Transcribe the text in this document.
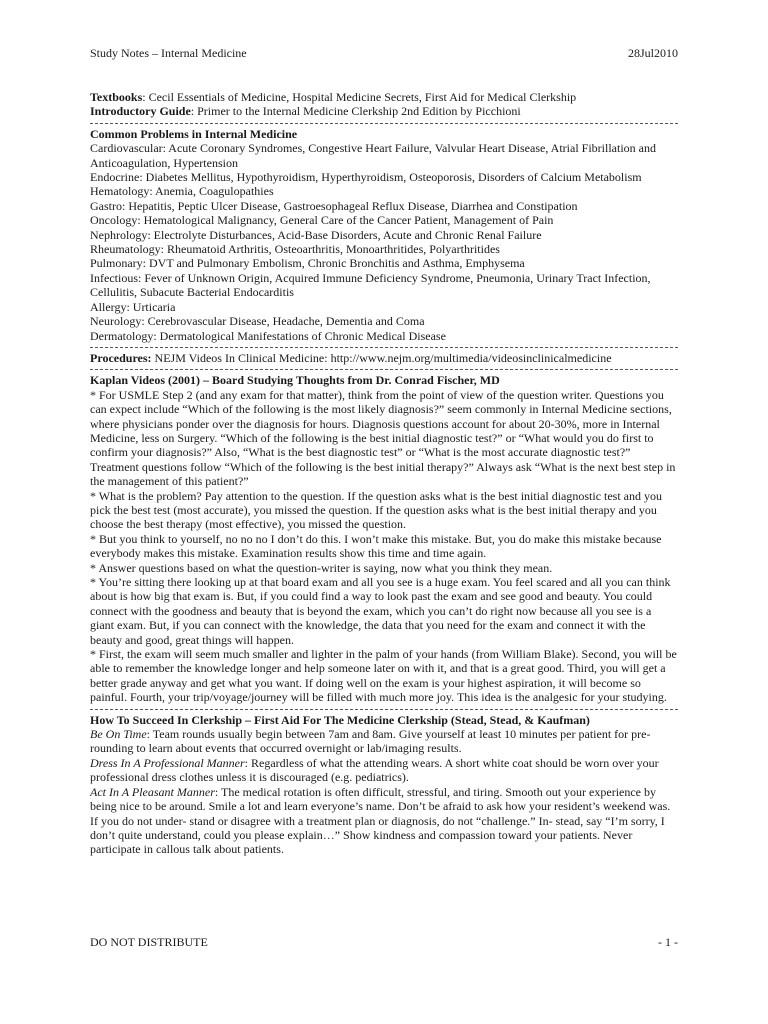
Study Notes – Internal Medicine	28Jul2010

Textbooks: Cecil Essentials of Medicine, Hospital Medicine Secrets, First Aid for Medical Clerkship

Introductory Guide: Primer to the Internal Medicine Clerkship 2nd Edition by Picchioni

Common Problems in Internal Medicine

Cardiovascular: Acute Coronary Syndromes, Congestive Heart Failure, Valvular Heart Disease, Atrial Fibrillation and Anticoagulation, Hypertension

Endocrine: Diabetes Mellitus, Hypothyroidism, Hyperthyroidism, Osteoporosis, Disorders of Calcium Metabolism

Hematology: Anemia, Coagulopathies

Gastro: Hepatitis, Peptic Ulcer Disease, Gastroesophageal Reflux Disease, Diarrhea and Constipation

Oncology: Hematological Malignancy, General Care of the Cancer Patient, Management of Pain

Nephrology: Electrolyte Disturbances, Acid-Base Disorders, Acute and Chronic Renal Failure

Rheumatology: Rheumatoid Arthritis, Osteoarthritis, Monoarthritides, Polyarthritides

Pulmonary: DVT and Pulmonary Embolism, Chronic Bronchitis and Asthma, Emphysema

Infectious: Fever of Unknown Origin, Acquired Immune Deficiency Syndrome, Pneumonia, Urinary Tract Infection, Cellulitis, Subacute Bacterial Endocarditis

Allergy: Urticaria

Neurology: Cerebrovascular Disease, Headache, Dementia and Coma

Dermatology: Dermatological Manifestations of Chronic Medical Disease

Procedures: NEJM Videos In Clinical Medicine: http://www.nejm.org/multimedia/videosinclinicalmedicine

Kaplan Videos (2001) – Board Studying Thoughts from Dr. Conrad Fischer, MD

* For USMLE Step 2 (and any exam for that matter), think from the point of view of the question writer. Questions you can expect include “Which of the following is the most likely diagnosis?” seem commonly in Internal Medicine sections, where physicians ponder over the diagnosis for hours. Diagnosis questions account for about 20-30%, more in Internal Medicine, less on Surgery. “Which of the following is the best initial diagnostic test?” or “What would you do first to confirm your diagnosis?” Also, “What is the best diagnostic test” or “What is the most accurate diagnostic test?” Treatment questions follow “Which of the following is the best initial therapy?” Always ask “What is the next best step in the management of this patient?”

* What is the problem? Pay attention to the question. If the question asks what is the best initial diagnostic test and you pick the best test (most accurate), you missed the question. If the question asks what is the best initial therapy and you choose the best therapy (most effective), you missed the question.

* But you think to yourself, no no no I don’t do this. I won’t make this mistake. But, you do make this mistake because everybody makes this mistake. Examination results show this time and time again.

* Answer questions based on what the question-writer is saying, now what you think they mean.

* You’re sitting there looking up at that board exam and all you see is a huge exam. You feel scared and all you can think about is how big that exam is. But, if you could find a way to look past the exam and see good and beauty. You could connect with the goodness and beauty that is beyond the exam, which you can’t do right now because all you see is a giant exam. But, if you can connect with the knowledge, the data that you need for the exam and connect it with the beauty and good, great things will happen.

* First, the exam will seem much smaller and lighter in the palm of your hands (from William Blake). Second, you will be able to remember the knowledge longer and help someone later on with it, and that is a great good. Third, you will get a better grade anyway and get what you want. If doing well on the exam is your highest aspiration, it will become so painful. Fourth, your trip/voyage/journey will be filled with much more joy. This idea is the analgesic for your studying.

How To Succeed In Clerkship – First Aid For The Medicine Clerkship (Stead, Stead, & Kaufman)

Be On Time: Team rounds usually begin between 7am and 8am. Give yourself at least 10 minutes per patient for pre-rounding to learn about events that occurred overnight or lab/imaging results.

Dress In A Professional Manner: Regardless of what the attending wears. A short white coat should be worn over your professional dress clothes unless it is discouraged (e.g. pediatrics).

Act In A Pleasant Manner: The medical rotation is often difficult, stressful, and tiring. Smooth out your experience by being nice to be around. Smile a lot and learn everyone’s name. Don’t be afraid to ask how your resident’s weekend was. If you do not under- stand or disagree with a treatment plan or diagnosis, do not “challenge.” In- stead, say “I’m sorry, I don’t quite understand, could you please explain…” Show kindness and compassion toward your patients. Never participate in callous talk about patients.

DO NOT DISTRIBUTE	- 1 -
